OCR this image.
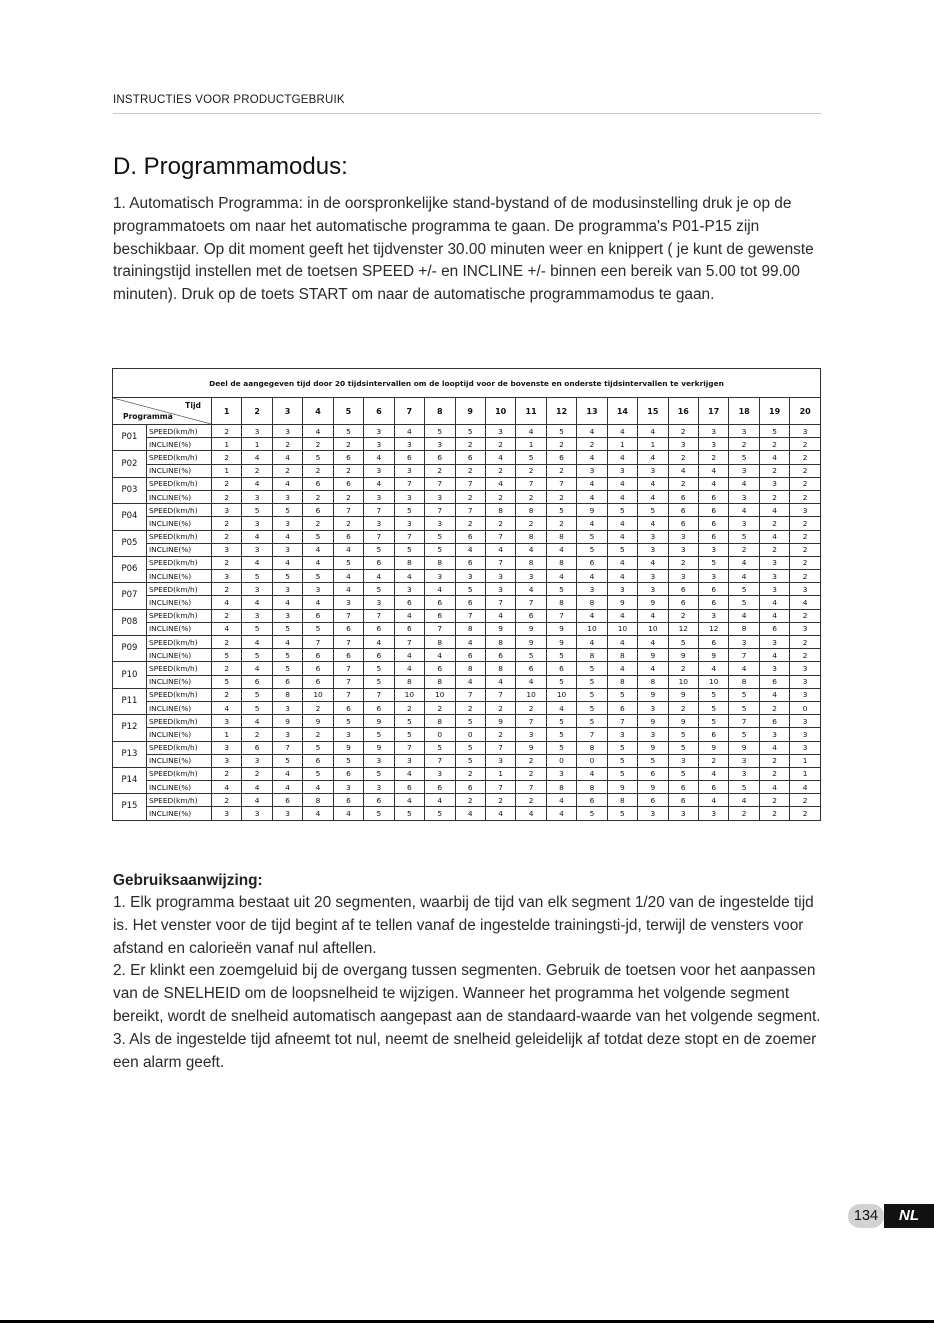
INSTRUCTIES VOOR PRODUCTGEBRUIK
D. Programmamodus:

1. Automatisch Programma: in de oorspronkelijke stand-bystand of de modusinstelling druk je op de programmatoets om naar het automatische programma te gaan. De programma's P01-P15 zijn beschikbaar. Op dit moment geeft het tijdvenster 30.00 minuten weer en knippert ( je kunt de gewenste trainingstijd instellen met de toetsen SPEED +/- en INCLINE +/- binnen een bereik van 5.00 tot 99.00 minuten). Druk op de toets START om naar de automatische programmamodus te gaan.

Deel de aangegeven tijd door 20 tijdsintervallen om de looptijd voor de bovenste en onderste tijdsintervallen te verkrijgen																					

Tijd
Programma		1	2	3	4	5	6	7	8	9	10	11	12	13	14	15	16	17	18	19	20
P01	SPEED(km/h)	2	3	3	4	5	3	4	5	5	3	4	5	4	4	4	2	3	3	5	3
	INCLINE(%)	1	1	2	2	2	3	3	3	2	2	1	2	2	1	1	3	3	2	2	2
P02	SPEED(km/h)	2	4	4	5	6	4	6	6	6	4	5	6	4	4	4	2	2	5	4	2
	INCLINE(%)	1	2	2	2	2	3	3	2	2	2	2	2	3	3	3	4	4	3	2	2
P03	SPEED(km/h)	2	4	4	6	6	4	7	7	7	4	7	7	4	4	4	2	4	4	3	2
	INCLINE(%)	2	3	3	2	2	3	3	3	2	2	2	2	4	4	4	6	6	3	2	2
P04	SPEED(km/h)	3	5	5	6	7	7	5	7	7	8	8	5	9	5	5	6	6	4	4	3
	INCLINE(%)	2	3	3	2	2	3	3	3	2	2	2	2	4	4	4	6	6	3	2	2
P05	SPEED(km/h)	2	4	4	5	6	7	7	5	6	7	8	8	5	4	3	3	6	5	4	2
	INCLINE(%)	3	3	3	4	4	5	5	5	4	4	4	4	5	5	3	3	3	2	2	2
P06	SPEED(km/h)	2	4	4	4	5	6	8	8	6	7	8	8	6	4	4	2	5	4	3	2
	INCLINE(%)	3	5	5	5	4	4	4	3	3	3	3	4	4	4	3	3	3	4	3	2
P07	SPEED(km/h)	2	3	3	3	4	5	3	4	5	3	4	5	3	3	3	6	6	5	3	3
	INCLINE(%)	4	4	4	4	3	3	6	6	6	7	7	8	8	9	9	6	6	5	4	4
P08	SPEED(km/h)	2	3	3	6	7	7	4	6	7	4	6	7	4	4	4	2	3	4	4	2
	INCLINE(%)	4	5	5	5	6	6	6	7	8	9	9	9	10	10	10	12	12	8	6	3
P09	SPEED(km/h)	2	4	4	7	7	4	7	8	4	8	9	9	4	4	4	5	6	3	3	2
	INCLINE(%)	5	5	5	6	6	6	4	4	6	6	5	5	8	8	9	9	9	7	4	2
P10	SPEED(km/h)	2	4	5	6	7	5	4	6	8	8	6	6	5	4	4	2	4	4	3	3
	INCLINE(%)	5	6	6	6	7	5	8	8	4	4	4	5	5	8	8	10	10	8	6	3
P11	SPEED(km/h)	2	5	8	10	7	7	10	10	7	7	10	10	5	5	9	9	5	5	4	3
	INCLINE(%)	4	5	3	2	6	6	2	2	2	2	2	4	5	6	3	2	5	5	2	0
P12	SPEED(km/h)	3	4	9	9	5	9	5	8	5	9	7	5	5	7	9	9	5	7	6	3
	INCLINE(%)	1	2	3	2	3	5	5	0	0	2	3	5	7	3	3	5	6	5	3	3
P13	SPEED(km/h)	3	6	7	5	9	9	7	5	5	7	9	5	8	5	9	5	9	9	4	3
	INCLINE(%)	3	3	5	6	5	3	3	7	5	3	2	0	0	5	5	3	2	3	2	1
P14	SPEED(km/h)	2	2	4	5	6	5	4	3	2	1	2	3	4	5	6	5	4	3	2	1
	INCLINE(%)	4	4	4	4	3	3	6	6	6	7	7	8	8	9	9	6	6	5	4	4
P15	SPEED(km/h)	2	4	6	8	6	6	4	4	2	2	2	4	6	8	6	6	4	4	2	2
	INCLINE(%)	3	3	3	4	4	5	5	5	4	4	4	4	5	5	3	3	3	2	2	2
Gebruiksaanwijzing:

1. Elk programma bestaat uit 20 segmenten, waarbij de tijd van elk segment 1/20 van de ingestelde tijd is. Het venster voor de tijd begint af te tellen vanaf de ingestelde trainingsti-jd, terwijl de vensters voor afstand en calorieën vanaf nul aftellen.

2. Er klinkt een zoemgeluid bij de overgang tussen segmenten. Gebruik de toetsen voor het aanpassen van de SNELHEID om de loopsnelheid te wijzigen. Wanneer het programma het volgende segment bereikt, wordt de snelheid automatisch aangepast aan de standaard-waarde van het volgende segment.

3. Als de ingestelde tijd afneemt tot nul, neemt de snelheid geleidelijk af totdat deze stopt en de zoemer een alarm geeft.

134	NL
